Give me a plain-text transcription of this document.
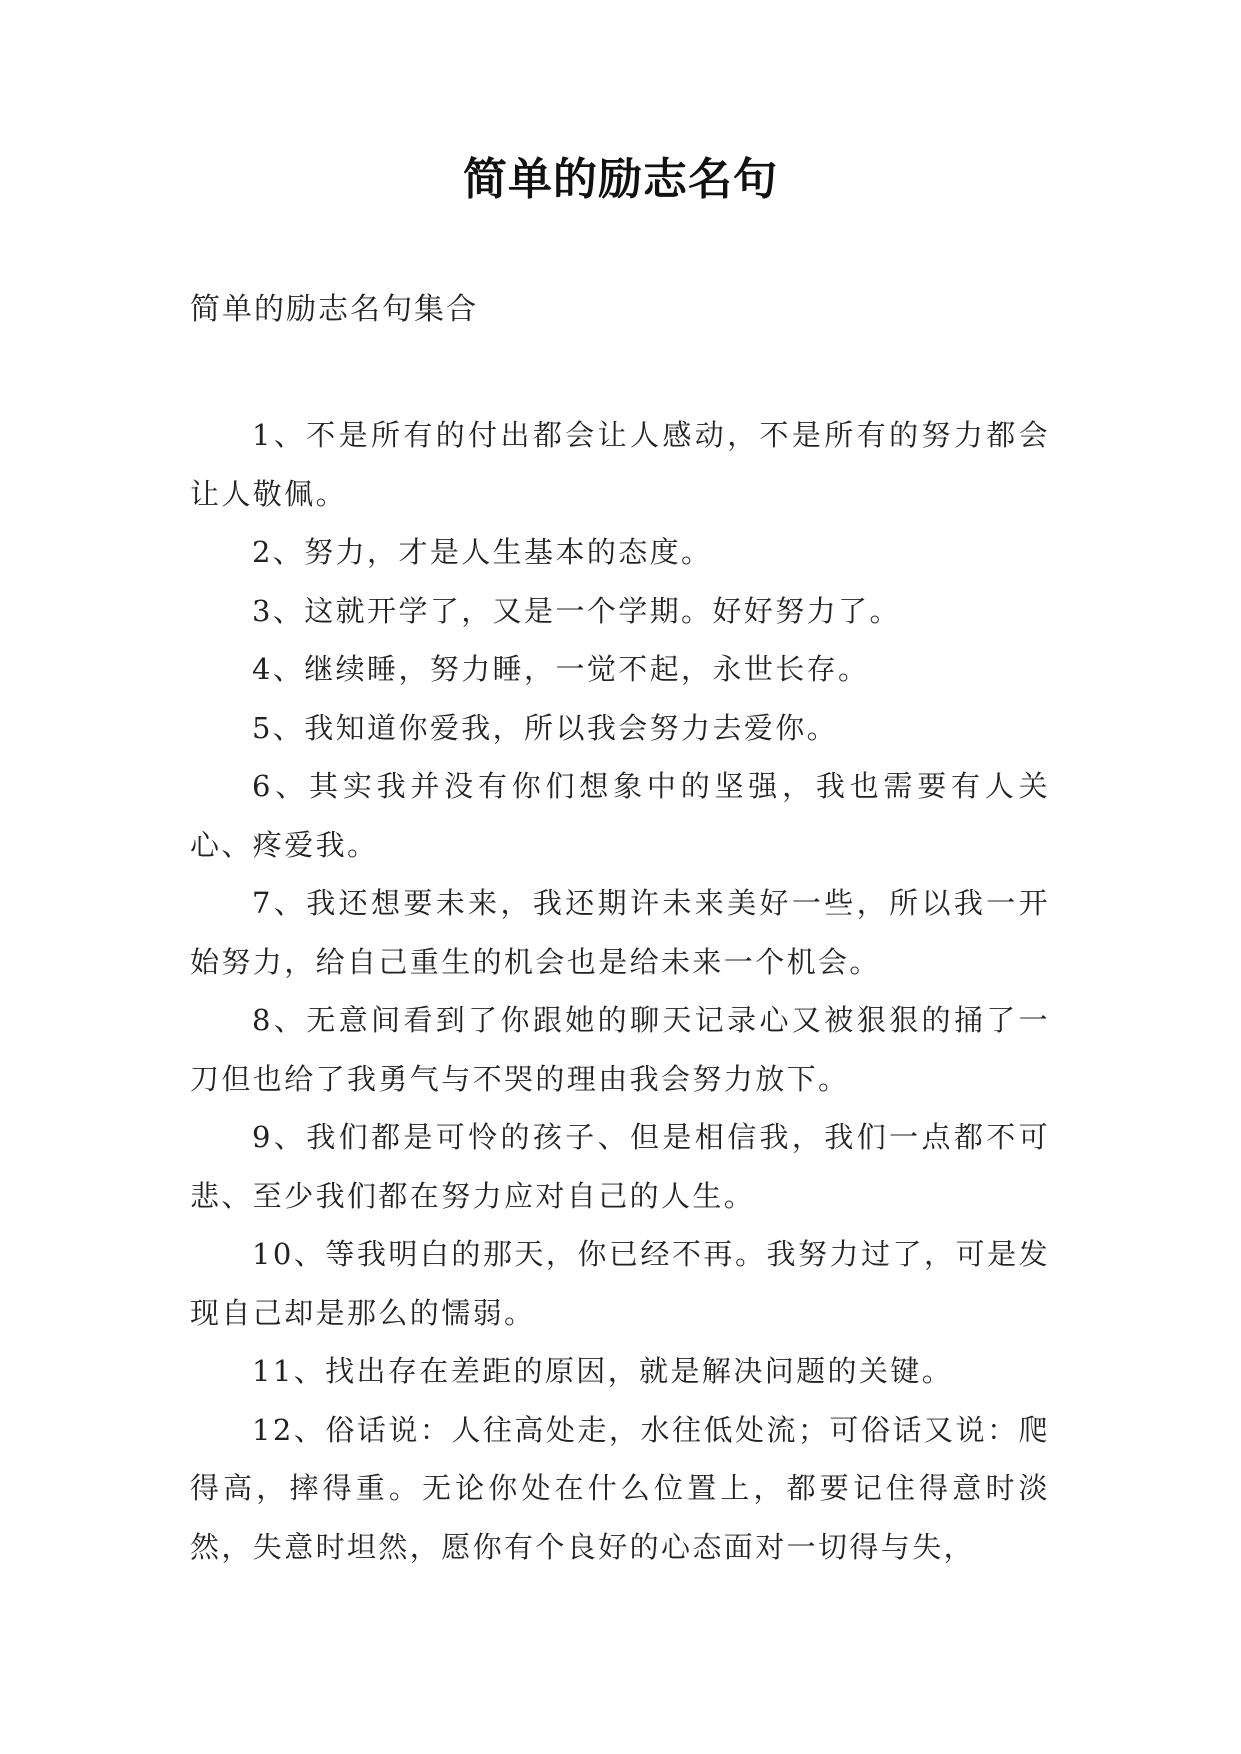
简单的励志名句
简单的励志名句集合

1、不是所有的付出都会让人感动，不是所有的努力都会让人敬佩。

2、努力，才是人生基本的态度。

3、这就开学了，又是一个学期。好好努力了。

4、继续睡，努力睡，一觉不起，永世长存。

5、我知道你爱我，所以我会努力去爱你。

6、其实我并没有你们想象中的坚强，我也需要有人关心、疼爱我。

7、我还想要未来，我还期许未来美好一些，所以我一开始努力，给自己重生的机会也是给未来一个机会。

8、无意间看到了你跟她的聊天记录心又被狠狠的捅了一刀但也给了我勇气与不哭的理由我会努力放下。

9、我们都是可怜的孩子、但是相信我，我们一点都不可悲、至少我们都在努力应对自己的人生。

10、等我明白的那天，你已经不再。我努力过了，可是发现自己却是那么的懦弱。

11、找出存在差距的原因，就是解决问题的关键。

12、俗话说：人往高处走，水往低处流；可俗话又说：爬得高，摔得重。无论你处在什么位置上，都要记住得意时淡然，失意时坦然，愿你有个良好的心态面对一切得与失，
